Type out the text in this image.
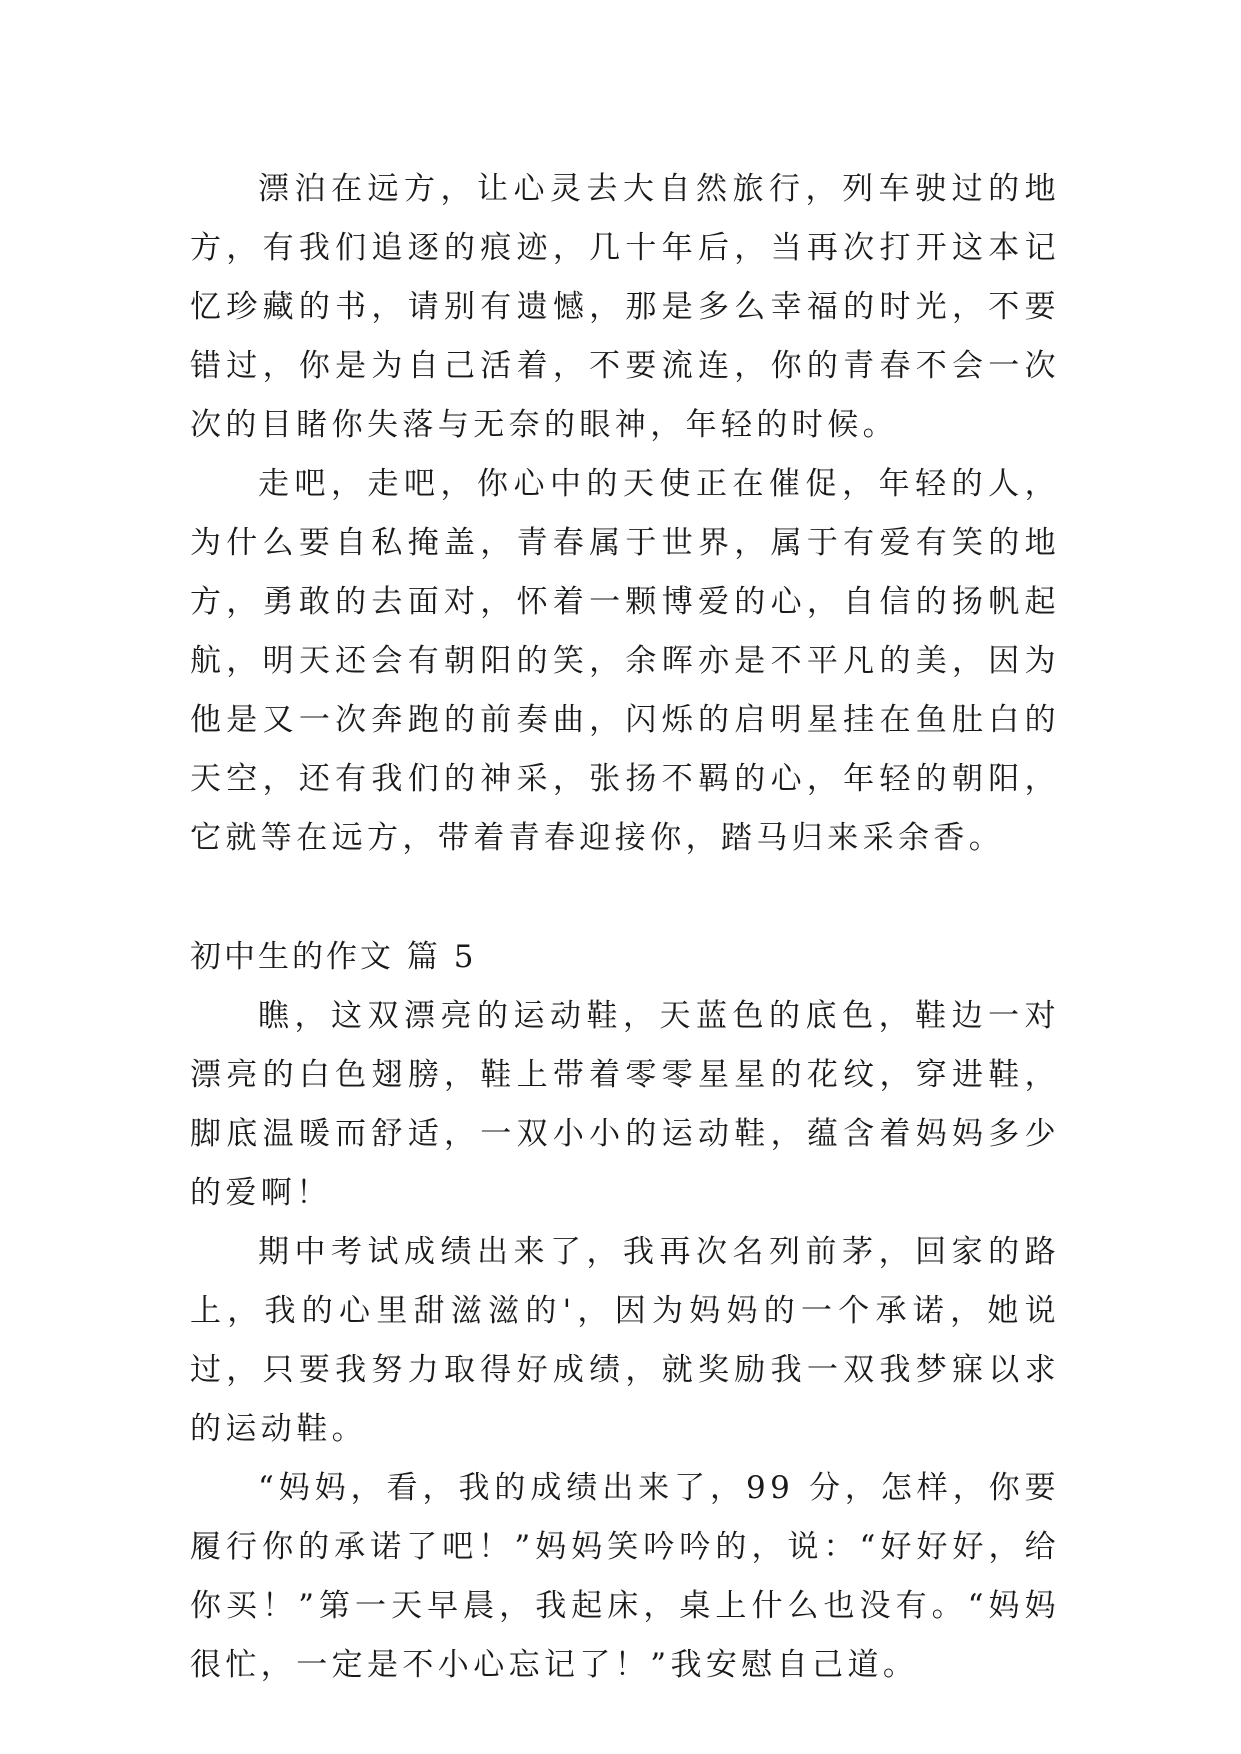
漂泊在远方，让心灵去大自然旅行，列车驶过的地方，有我们追逐的痕迹，几十年后，当再次打开这本记忆珍藏的书，请别有遗憾，那是多么幸福的时光，不要错过，你是为自己活着，不要流连，你的青春不会一次次的目睹你失落与无奈的眼神，年轻的时候。

走吧，走吧，你心中的天使正在催促，年轻的人，为什么要自私掩盖，青春属于世界，属于有爱有笑的地方，勇敢的去面对，怀着一颗博爱的心，自信的扬帆起航，明天还会有朝阳的笑，余晖亦是不平凡的美，因为他是又一次奔跑的前奏曲，闪烁的启明星挂在鱼肚白的天空，还有我们的神采，张扬不羁的心，年轻的朝阳，它就等在远方，带着青春迎接你，踏马归来采余香。

初中生的作文 篇 5

瞧，这双漂亮的运动鞋，天蓝色的底色，鞋边一对漂亮的白色翅膀，鞋上带着零零星星的花纹，穿进鞋，脚底温暖而舒适，一双小小的运动鞋，蕴含着妈妈多少的爱啊！

期中考试成绩出来了，我再次名列前茅，回家的路上，我的心里甜滋滋的'，因为妈妈的一个承诺，她说过，只要我努力取得好成绩，就奖励我一双我梦寐以求的运动鞋。

“妈妈，看，我的成绩出来了，99 分，怎样，你要履行你的承诺了吧！”妈妈笑吟吟的，说：“好好好，给你买！”第一天早晨，我起床，桌上什么也没有。“妈妈很忙，一定是不小心忘记了！”我安慰自己道。
